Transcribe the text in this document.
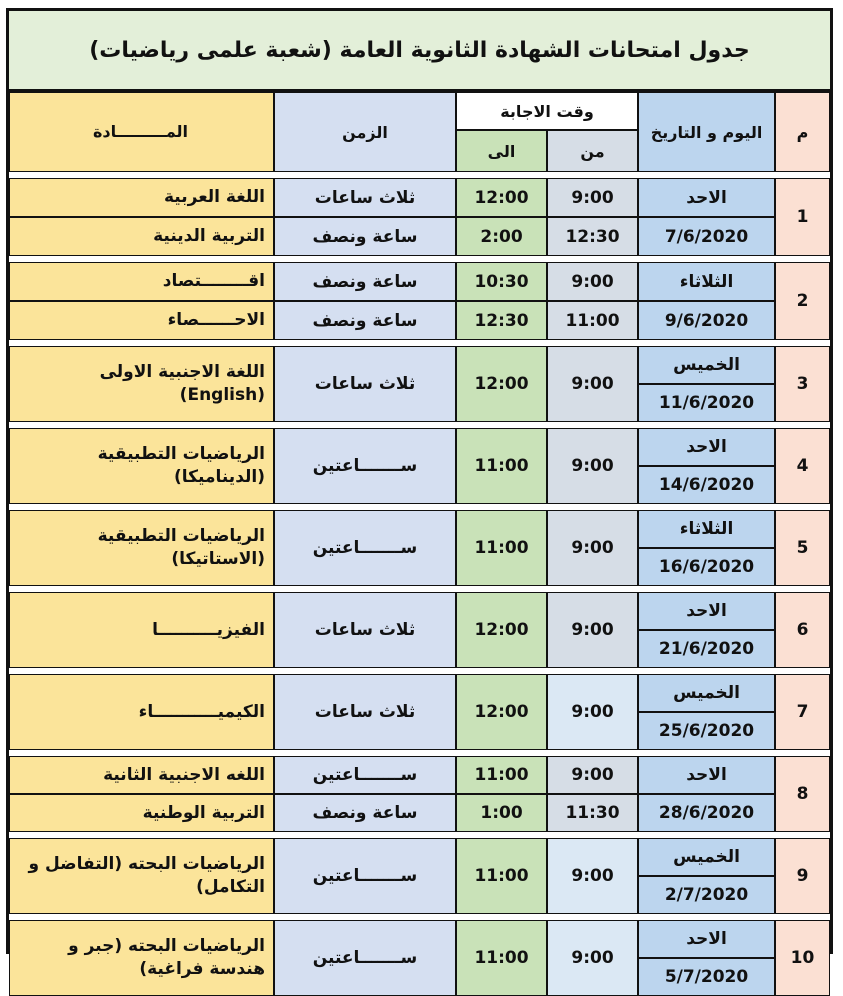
جدول امتحانات الشهادة الثانوية العامة (شعبة علمى رياضيات)
م	اليوم و التاريخ	وقت الاجابة		الزمن	المـــــــــادة
		من	الى		

1	الاحد	9:00	12:00	ثلاث ساعات	اللغة العربية
	7/6/2020	12:30	2:00	ساعة ونصف	التربية الدينية

2	الثلاثاء	9:00	10:30	ساعة ونصف	اقــــــــتصاد
	9/6/2020	11:00	12:30	ساعة ونصف	الاحــــــصاء

3	الخميس	9:00	12:00	ثلاث ساعات	اللغة الاجنبية الاولى (English)
	11/6/2020				

4	الاحد	9:00	11:00	ســـــــاعتين	الرياضيات التطبيقية (الديناميكا)
	14/6/2020				

5	الثلاثاء	9:00	11:00	ســـــــاعتين	الرياضيات التطبيقية (الاستاتيكا)
	16/6/2020				

6	الاحد	9:00	12:00	ثلاث ساعات	الفيزيــــــــــا
	21/6/2020				

7	الخميس	9:00	12:00	ثلاث ساعات	الكيميـــــــــــاء
	25/6/2020				

8	الاحد	9:00	11:00	ســـــــاعتين	اللغه الاجنبية الثانية
	28/6/2020	11:30	1:00	ساعة ونصف	التربية الوطنية

9	الخميس	9:00	11:00	ســـــــاعتين	الرياضيات البحته (التفاضل و التكامل)
	2/7/2020				

10	الاحد	9:00	11:00	ســـــــاعتين	الرياضيات البحته (جبر و هندسة فراغية)
	5/7/2020				
